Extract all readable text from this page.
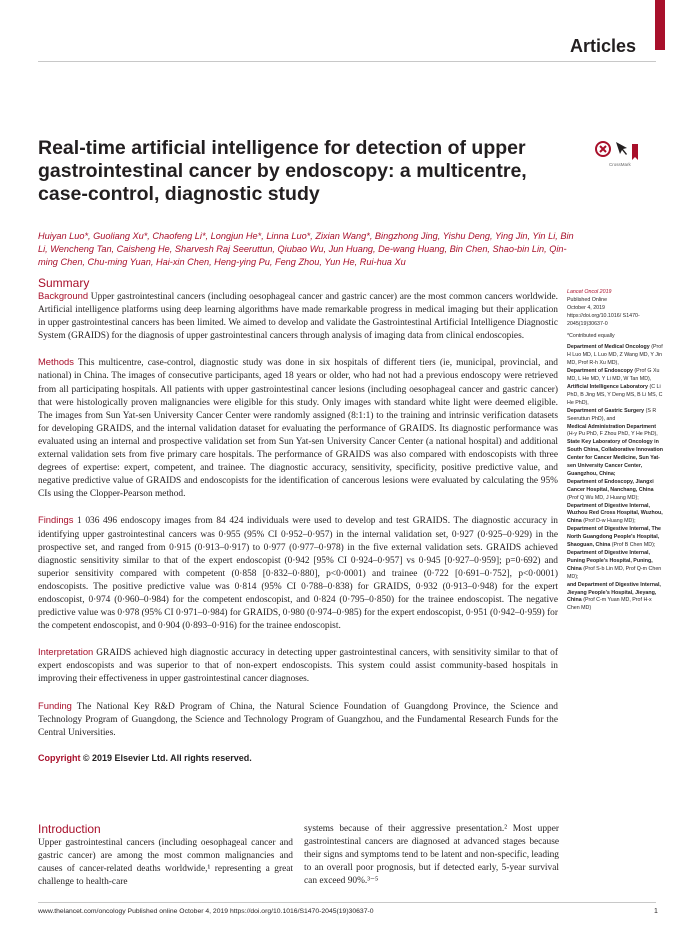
Articles
Real-time artificial intelligence for detection of upper gastrointestinal cancer by endoscopy: a multicentre, case-control, diagnostic study
CrossMark
Huiyan Luo*, Guoliang Xu*, Chaofeng Li*, Longjun He*, Linna Luo*, Zixian Wang*, Bingzhong Jing, Yishu Deng, Ying Jin, Yin Li, Bin Li, Wencheng Tan, Caisheng He, Sharvesh Raj Seeruttun, Qiubao Wu, Jun Huang, De-wang Huang, Bin Chen, Shao-bin Lin, Qin-ming Chen, Chu-ming Yuan, Hai-xin Chen, Heng-ying Pu, Feng Zhou, Yun He, Rui-hua Xu
Summary

Background Upper gastrointestinal cancers (including oesophageal cancer and gastric cancer) are the most common cancers worldwide. Artificial intelligence platforms using deep learning algorithms have made remarkable progress in medical imaging but their application in upper gastrointestinal cancers has been limited. We aimed to develop and validate the Gastrointestinal Artificial Intelligence Diagnostic System (GRAIDS) for the diagnosis of upper gastrointestinal cancers through analysis of imaging data from clinical endoscopies.

Methods This multicentre, case-control, diagnostic study was done in six hospitals of different tiers (ie, municipal, provincial, and national) in China. The images of consecutive participants, aged 18 years or older, who had not had a previous endoscopy were retrieved from all participating hospitals. All patients with upper gastrointestinal cancer lesions (including oesophageal cancer and gastric cancer) that were histologically proven malignancies were eligible for this study. Only images with standard white light were deemed eligible. The images from Sun Yat-sen University Cancer Center were randomly assigned (8:1:1) to the training and intrinsic verification datasets for developing GRAIDS, and the internal validation dataset for evaluating the performance of GRAIDS. Its diagnostic performance was evaluated using an internal and prospective validation set from Sun Yat-sen University Cancer Center (a national hospital) and additional external validation sets from five primary care hospitals. The performance of GRAIDS was also compared with endoscopists with three degrees of expertise: expert, competent, and trainee. The diagnostic accuracy, sensitivity, specificity, positive predictive value, and negative predictive value of GRAIDS and endoscopists for the identification of cancerous lesions were evaluated by calculating the 95% CIs using the Clopper-Pearson method.

Findings 1 036 496 endoscopy images from 84 424 individuals were used to develop and test GRAIDS. The diagnostic accuracy in identifying upper gastrointestinal cancers was 0·955 (95% CI 0·952–0·957) in the internal validation set, 0·927 (0·925–0·929) in the prospective set, and ranged from 0·915 (0·913–0·917) to 0·977 (0·977–0·978) in the five external validation sets. GRAIDS achieved diagnostic sensitivity similar to that of the expert endoscopist (0·942 [95% CI 0·924–0·957] vs 0·945 [0·927–0·959]; p=0·692) and superior sensitivity compared with competent (0·858 [0·832–0·880], p<0·0001) and trainee (0·722 [0·691–0·752], p<0·0001) endoscopists. The positive predictive value was 0·814 (95% CI 0·788–0·838) for GRAIDS, 0·932 (0·913–0·948) for the expert endoscopist, 0·974 (0·960–0·984) for the competent endoscopist, and 0·824 (0·795–0·850) for the trainee endoscopist. The negative predictive value was 0·978 (95% CI 0·971–0·984) for GRAIDS, 0·980 (0·974–0·985) for the expert endoscopist, 0·951 (0·942–0·959) for the competent endoscopist, and 0·904 (0·893–0·916) for the trainee endoscopist.

Interpretation GRAIDS achieved high diagnostic accuracy in detecting upper gastrointestinal cancers, with sensitivity similar to that of expert endoscopists and was superior to that of non-expert endoscopists. This system could assist community-based hospitals in improving their effectiveness in upper gastrointestinal cancer diagnoses.

Funding The National Key R&D Program of China, the Natural Science Foundation of Guangdong Province, the Science and Technology Program of Guangdong, the Science and Technology Program of Guangzhou, and the Fundamental Research Funds for the Central Universities.

Copyright © 2019 Elsevier Ltd. All rights reserved.

Lancet Oncol 2019
Published Online
October 4, 2019
https://doi.org/10.1016/ S1470-2045(19)30637-0
*Contributed equally
Department of Medical Oncology (Prof H Luo MD, L Luo MD, Z Wang MD, Y Jin MD, Prof R-h Xu MD),
Department of Endoscopy (Prof G Xu MD, L He MD, Y Li MD, W Tan MD),
Artificial Intelligence Laboratory (C Li PhD, B Jing MS, Y Deng MS, B Li MS, C He PhD),
Department of Gastric Surgery (S R Seeruttun PhD), and
Medical Administration Department (H-y Pu PhD, F Zhou PhD, Y He PhD),
State Key Laboratory of Oncology in South China, Collaborative Innovation Center for Cancer Medicine, Sun Yat-sen University Cancer Center, Guangzhou, China;
Department of Endoscopy, Jiangxi Cancer Hospital, Nanchang, China (Prof Q Wu MD, J Huang MD);
Department of Digestive Internal, Wuzhou Red Cross Hospital, Wuzhou, China (Prof D-w Huang MD);
Department of Digestive Internal, The North Guangdong People's Hospital, Shaoguan, China (Prof B Chen MD);
Department of Digestive Internal, Puning People's Hospital, Puning, China (Prof S-b Lin MD, Prof Q-m Chen MD);
and Department of Digestive Internal, Jieyang People's Hospital, Jieyang, China (Prof C-m Yuan MD, Prof H-x Chen MD)
Introduction
Upper gastrointestinal cancers (including oesophageal cancer and gastric cancer) are among the most common malignancies and causes of cancer-related deaths worldwide,¹ representing a great challenge to health-care
systems because of their aggressive presentation.² Most upper gastrointestinal cancers are diagnosed at advanced stages because their signs and symptoms tend to be latent and non-specific, leading to an overall poor prognosis, but if detected early, 5-year survival can exceed 90%.³⁻⁵
www.thelancet.com/oncology Published online October 4, 2019 https://doi.org/10.1016/S1470-2045(19)30637-0	1
